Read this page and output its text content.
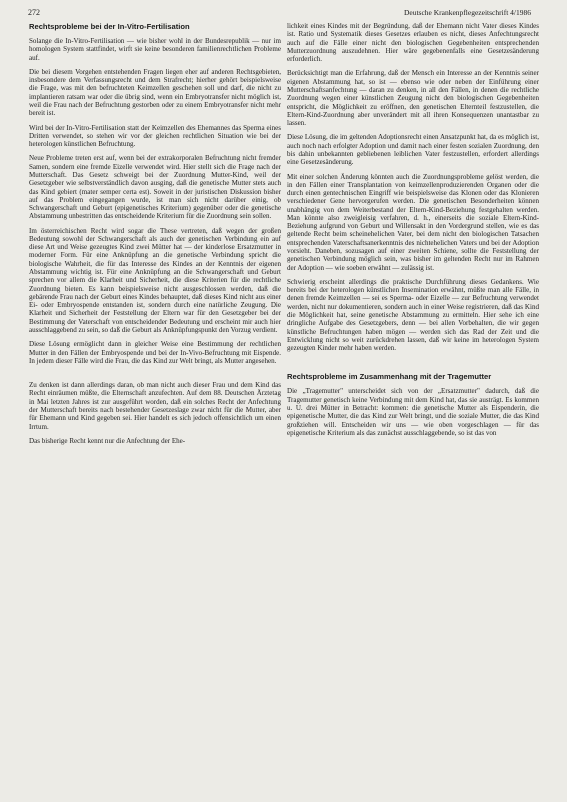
272	Deutsche Krankenpflegezeitschrift 4/1986
Rechtsprobleme bei der In-Vitro-Fertilisation
Solange die In-Vitro-Fertilisation — wie bisher wohl in der Bundesrepublik — nur im homologen System stattfindet, wirft sie keine besonderen familienrechtlichen Probleme auf.
Die bei diesem Vorgehen entstehenden Fragen liegen eher auf anderen Rechtsgebieten, insbesondere dem Verfassungsrecht und dem Strafrecht; hierher gehört beispielsweise die Frage, was mit den befruchteten Keimzellen geschehen soll und darf, die nicht zu implantieren ratsam war oder die übrig sind, wenn ein Embryotransfer nicht möglich ist, weil die Frau nach der Befruchtung gestorben oder zu einem Embryotransfer nicht mehr bereit ist.
Wird bei der In-Vitro-Fertilisation statt der Keimzellen des Ehemannes das Sperma eines Dritten verwendet, so stehen wir vor der gleichen rechtlichen Situation wie bei der heterologen künstlichen Befruchtung.
Neue Probleme treten erst auf, wenn bei der extrakorporalen Befruchtung nicht fremder Samen, sondern eine fremde Eizelle verwendet wird. Hier stellt sich die Frage nach der Mutterschaft. Das Gesetz schweigt bei der Zuordnung Mutter-Kind, weil der Gesetzgeber wie selbstverständlich davon ausging, daß die genetische Mutter stets auch das Kind gebiert (mater semper certa est). Soweit in der juristischen Diskussion bisher auf das Problem eingegangen wurde, ist man sich nicht darüber einig, ob Schwangerschaft und Geburt (epigenetisches Kriterium) gegenüber oder die genetische Abstammung unbestritten das entscheidende Kriterium für die Zuordnung sein sollen.
Im österreichischen Recht wird sogar die These vertreten, daß wegen der großen Bedeutung sowohl der Schwangerschaft als auch der genetischen Verbindung ein auf diese Art und Weise gezeugtes Kind zwei Mütter hat — der kinderlose Ersatzmutter in moderner Form. Für eine Anknüpfung an die genetische Verbindung spricht die biologische Wahrheit, die für das Interesse des Kindes an der Kenntnis der eigenen Abstammung wichtig ist. Für eine Anknüpfung an die Schwangerschaft und Geburt sprechen vor allem die Klarheit und Sicherheit, die diese Kriterien für die rechtliche Zuordnung bieten. Es kann beispielsweise nicht ausgeschlossen werden, daß die gebärende Frau nach der Geburt eines Kindes behauptet, daß dieses Kind nicht aus einer Ei- oder Embryospende entstanden ist, sondern durch eine natürliche Zeugung. Die Klarheit und Sicherheit der Feststellung der Eltern war für den Gesetzgeber bei der Bestimmung der Vaterschaft von entscheidender Bedeutung und erscheint mir auch hier ausschlaggebend zu sein, so daß die Geburt als Anknüpfungspunkt den Vorzug verdient.
Diese Lösung ermöglicht dann in gleicher Weise eine Bestimmung der rechtlichen Mutter in den Fällen der Embryospende und bei der In-Vivo-Befruchtung mit Eispende. In jedem dieser Fälle wird die Frau, die das Kind zur Welt bringt, als Mutter angesehen.
Zu denken ist dann allerdings daran, ob man nicht auch dieser Frau und dem Kind das Recht einräumen müßte, die Elternschaft anzufechten. Auf dem 88. Deutschen Ärztetag in Mai letzten Jahres ist zur ausgeführt worden, daß ein solches Recht der Anfechtung der Mutterschaft bereits nach bestehender Gesetzeslage zwar nicht für die Mutter, aber für Ehemann und Kind gegeben sei. Hier handelt es sich jedoch offensichtlich um einen Irrtum.
Das bisherige Recht kennt nur die Anfechtung der Ehe-
lichkeit eines Kindes mit der Begründung, daß der Ehemann nicht Vater dieses Kindes ist. Ratio und Systematik dieses Gesetzes erlauben es nicht, dieses Anfechtungsrecht auch auf die Fälle einer nicht den biologischen Gegebenheiten entsprechenden Mutterzuordnung auszudehnen. Hier wäre gegebenenfalls eine Gesetzesänderung erforderlich.
Berücksichtigt man die Erfahrung, daß der Mensch ein Interesse an der Kenntnis seiner eigenen Abstammung hat, so ist — ebenso wie oder neben der Einführung einer Mutterschaftsanfechtung — daran zu denken, in all den Fällen, in denen die rechtliche Zuordnung wegen einer künstlichen Zeugung nicht den biologischen Gegebenheiten entspricht, die Möglichkeit zu eröffnen, den genetischen Elternteil festzustellen, die Eltern-Kind-Zuordnung aber unverändert mit all ihren Konsequenzen unantastbar zu lassen.
Diese Lösung, die im geltenden Adoptionsrecht einen Ansatzpunkt hat, da es möglich ist, auch noch nach erfolgter Adoption und damit nach einer festen sozialen Zuordnung, den bis dahin unbekannten gebliebenen leiblichen Vater festzustellen, erfordert allerdings eine Gesetzesänderung.
Mit einer solchen Änderung könnten auch die Zuordnungsprobleme gelöst werden, die in den Fällen einer Transplantation von keimzellenproduzierenden Organen oder die durch einen gentechnischen Eingriff wie beispielsweise das Klonen oder das Klonieren verschiedener Gene hervorgerufen werden. Die genetischen Besonderheiten können unabhängig von dem Weiterbestand der Eltern-Kind-Beziehung festgehalten werden. Man könnte also zweigleisig verfahren, d. h., einerseits die soziale Eltern-Kind-Beziehung aufgrund von Geburt und Willensakt in den Vordergrund stellen, wie es das geltende Recht beim scheinehelichen Vater, bei dem nicht den biologischen Tatsachen entsprechenden Vaterschaftsanerkenntnis des nichtehelichen Vaters und bei der Adoption vorsieht. Daneben, sozusagen auf einer zweiten Schiene, sollte die Feststellung der genetischen Verbindung möglich sein, was bisher im geltenden Recht nur im Rahmen der Adoption — wie soeben erwähnt — zulässig ist.
Schwierig erscheint allerdings die praktische Durchführung dieses Gedankens. Wie bereits bei der heterologen künstlichen Insemination erwähnt, müßte man alle Fälle, in denen fremde Keimzellen — sei es Sperma- oder Eizelle — zur Befruchtung verwendet werden, nicht nur dokumentieren, sondern auch in einer Weise registrieren, daß das Kind die Möglichkeit hat, seine genetische Abstammung zu ermitteln. Hier sehe ich eine dringliche Aufgabe des Gesetzgebers, denn — bei allen Vorbehalten, die wir gegen künstliche Befruchtungen haben mögen — werden sich das Rad der Zeit und die Entwicklung nicht so weit zurückdrehen lassen, daß wir keine im heterologen System gezeugten Kinder mehr haben werden.
Rechtsprobleme im Zusammenhang mit der Tragemutter
Die „Tragemutter" unterscheidet sich von der „Ersatzmutter" dadurch, daß die Tragemutter genetisch keine Verbindung mit dem Kind hat, das sie austrägt. Es kommen u. U. drei Mütter in Betracht: kommen: die genetische Mutter als Eispenderin, die epigenetische Mutter, die das Kind zur Welt bringt, und die soziale Mutter, die das Kind großziehen will. Entscheiden wir uns — wie oben vorgeschlagen — für das epigenetische Kriterium als das zunächst ausschlaggebende, so ist das von
